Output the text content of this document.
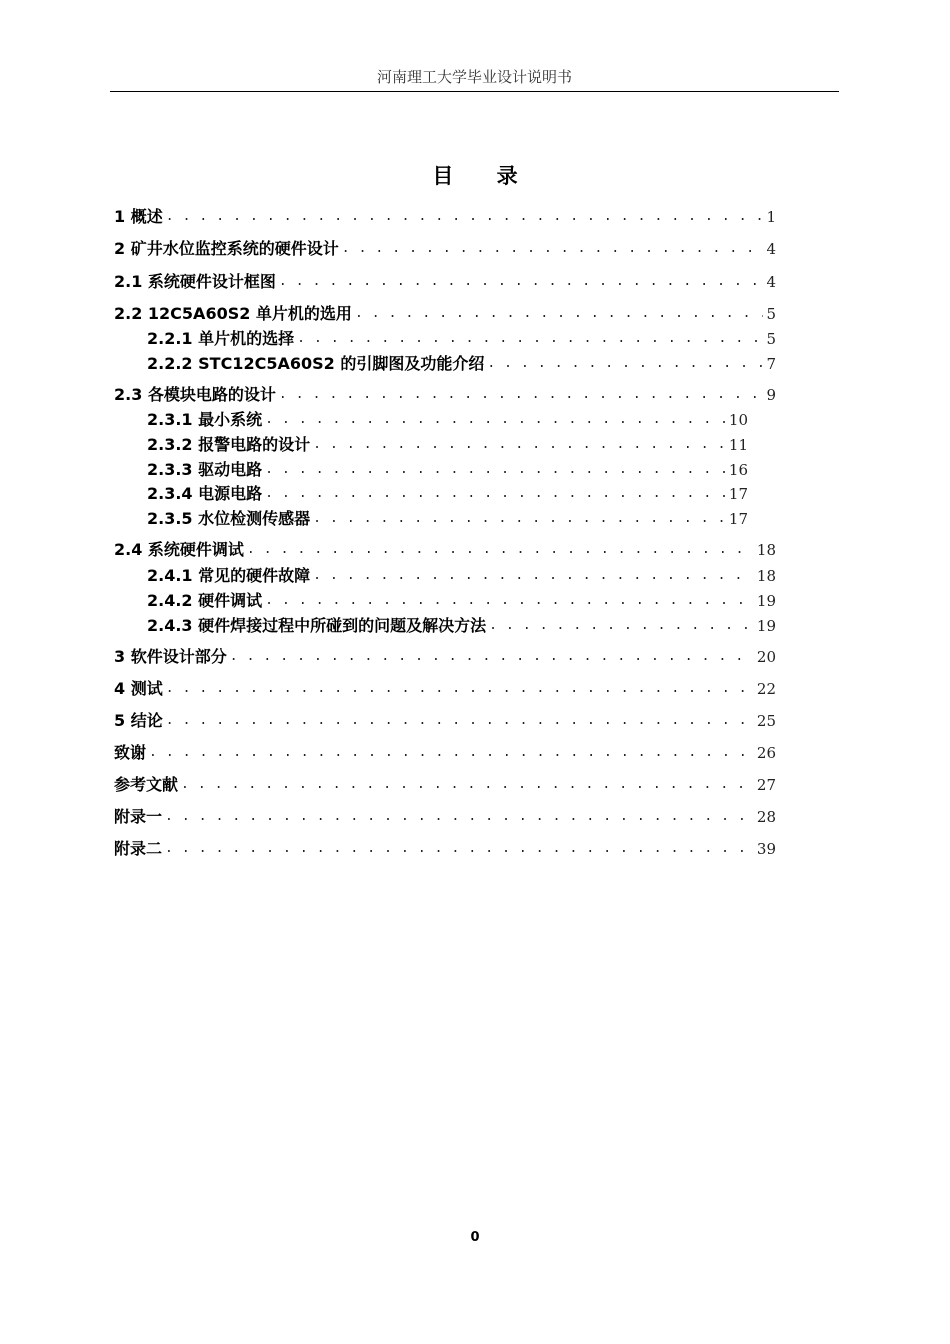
河南理工大学毕业设计说明书
目 录
1 概述 . . .	1
2 矿井水位监控系统的硬件设计 . . .	4
2.1 系统硬件设计框图 . . .	4
2.2 12C5A60S2 单片机的选用 . . .	5
2.2.1 单片机的选择 . . .	5
2.2.2 STC12C5A60S2 的引脚图及功能介绍 . . .	7
2.3 各模块电路的设计 . . .	9
2.3.1 最小系统 . . .	10
2.3.2 报警电路的设计 . . .	11
2.3.3 驱动电路 . . .	16
2.3.4 电源电路 . . .	17
2.3.5 水位检测传感器 . . .	17
2.4 系统硬件调试 . . .	18
2.4.1 常见的硬件故障 . . .	18
2.4.2 硬件调试 . . .	19
2.4.3 硬件焊接过程中所碰到的问题及解决方法 . . .	19
3 软件设计部分 . . .	20
4 测试 . . .	22
5 结论 . . .	25
致谢 . . .	26
参考文献 . . .	27
附录一 . . .	28
附录二 . . .	39
0
